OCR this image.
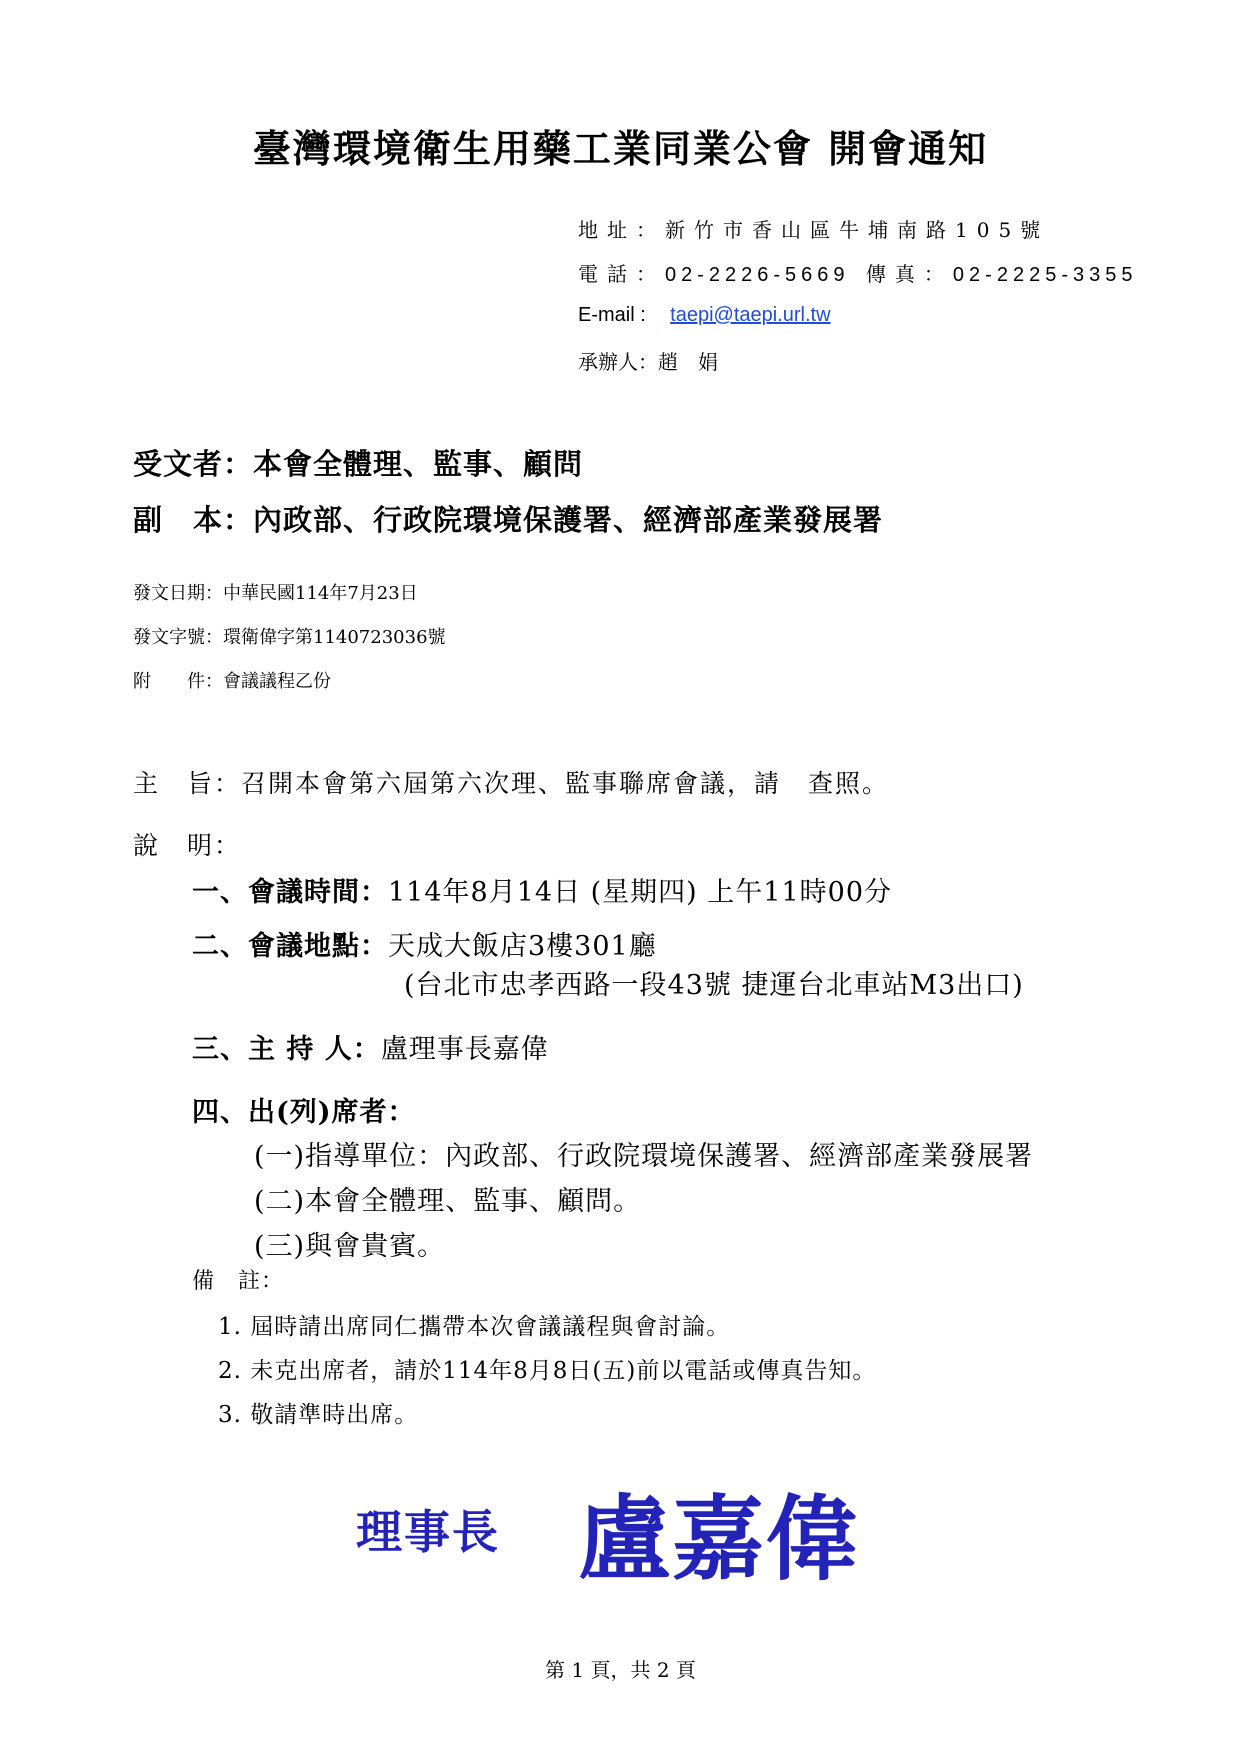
臺灣環境衛生用藥工業同業公會 開會通知
地址：新竹市香山區牛埔南路105號
電話：02-2226-5669 傳真：02-2225-3355
E-mail : taepi@taepi.url.tw
承辦人：趙　娟
受文者：本會全體理、監事、顧問
副　本：內政部、行政院環境保護署、經濟部產業發展署
發文日期：中華民國114年7月23日
發文字號：環衛偉字第1140723036號
附　　件：會議議程乙份
主　旨：召開本會第六屆第六次理、監事聯席會議，請　查照。
說　明：
一、會議時間：114年8月14日 (星期四) 上午11時00分
二、會議地點：天成大飯店3樓301廳
(台北市忠孝西路一段43號 捷運台北車站M3出口)
三、主 持 人：盧理事長嘉偉
四、出(列)席者：
(一)指導單位：內政部、行政院環境保護署、經濟部產業發展署
(二)本會全體理、監事、顧問。
(三)與會貴賓。
備　註：
1. 屆時請出席同仁攜帶本次會議議程與會討論。
2. 未克出席者，請於114年8月8日(五)前以電話或傳真告知。
3. 敬請準時出席。
理事長 盧嘉偉
第 1 頁，共 2 頁
